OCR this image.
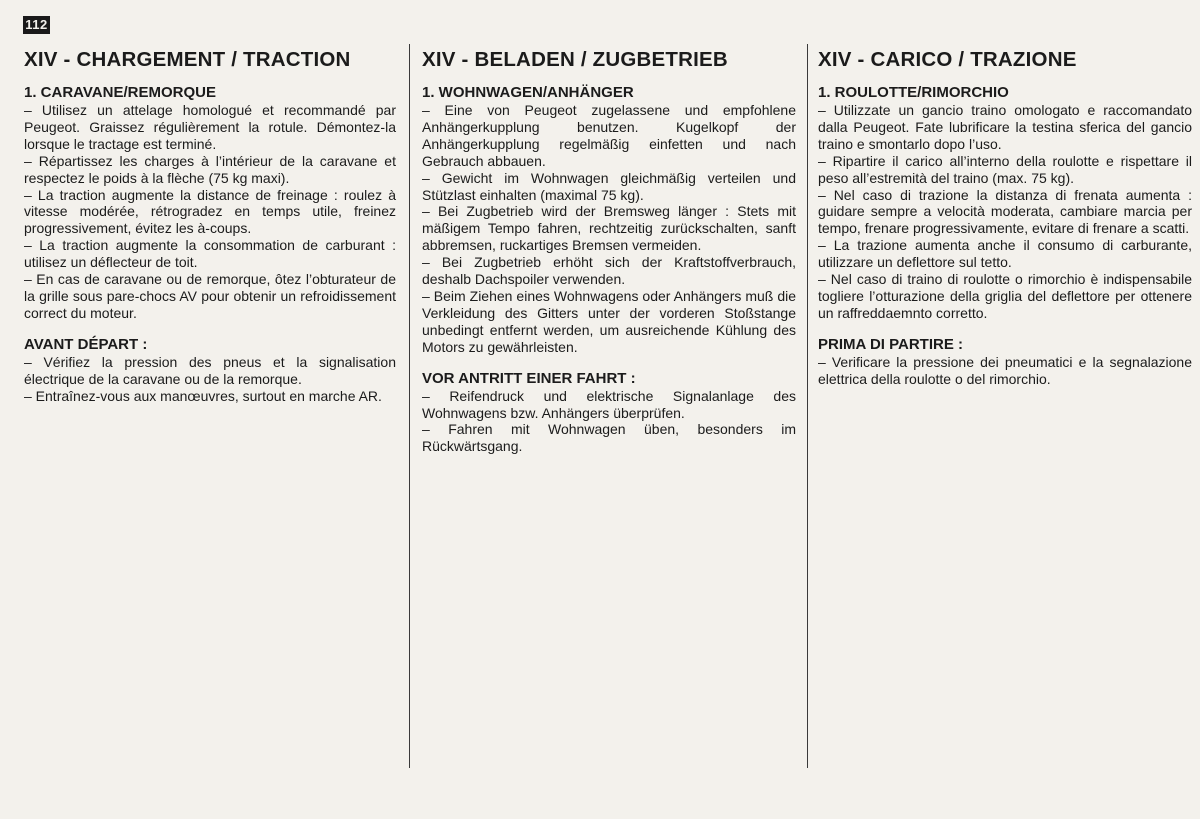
112
XIV - CHARGEMENT / TRACTION
1. CARAVANE/REMORQUE

– Utilisez un attelage homologué et recommandé par Peugeot. Graissez régulièrement la rotule. Démontez-la lorsque le tractage est terminé.

– Répartissez les charges à l’intérieur de la caravane et respectez le poids à la flèche (75 kg maxi).

– La traction augmente la distance de freinage : roulez à vitesse modérée, rétrogradez en temps utile, freinez progressivement, évitez les à-coups.

– La traction augmente la consommation de carburant : utilisez un déflecteur de toit.

– En cas de caravane ou de remorque, ôtez l’obturateur de la grille sous pare-chocs AV pour obtenir un refroidissement correct du moteur.

AVANT DÉPART :

– Vérifiez la pression des pneus et la signalisation électrique de la caravane ou de la remorque.

– Entraînez-vous aux manœuvres, surtout en marche AR.

XIV - BELADEN / ZUGBETRIEB
1. WOHNWAGEN/ANHÄNGER

– Eine von Peugeot zugelassene und empfohlene Anhängerkupplung benutzen. Kugelkopf der Anhängerkupplung regelmäßig einfetten und nach Gebrauch abbauen.

– Gewicht im Wohnwagen gleichmäßig verteilen und Stützlast einhalten (maximal 75 kg).

– Bei Zugbetrieb wird der Bremsweg länger : Stets mit mäßigem Tempo fahren, rechtzeitig zurückschalten, sanft abbremsen, ruckartiges Bremsen vermeiden.

– Bei Zugbetrieb erhöht sich der Kraftstoffverbrauch, deshalb Dachspoiler verwenden.

– Beim Ziehen eines Wohnwagens oder Anhängers muß die Verkleidung des Gitters unter der vorderen Stoßstange unbedingt entfernt werden, um ausreichende Kühlung des Motors zu gewährleisten.

VOR ANTRITT EINER FAHRT :

– Reifendruck und elektrische Signalanlage des Wohnwagens bzw. Anhängers überprüfen.

– Fahren mit Wohnwagen üben, besonders im Rückwärtsgang.

XIV - CARICO / TRAZIONE
1. ROULOTTE/RIMORCHIO

– Utilizzate un gancio traino omologato e raccomandato dalla Peugeot. Fate lubrificare la testina sferica del gancio traino e smontarlo dopo l’uso.

– Ripartire il carico all’interno della roulotte e rispettare il peso all’estremità del traino (max. 75 kg).

– Nel caso di trazione la distanza di frenata aumenta : guidare sempre a velocità moderata, cambiare marcia per tempo, frenare progressivamente, evitare di frenare a scatti.

– La trazione aumenta anche il consumo di carburante, utilizzare un deflettore sul tetto.

– Nel caso di traino di roulotte o rimorchio è indispensabile togliere l’otturazione della griglia del deflettore per ottenere un raffreddaemnto corretto.

PRIMA DI PARTIRE :

– Verificare la pressione dei pneumatici e la segnalazione elettrica della roulotte o del rimorchio.
